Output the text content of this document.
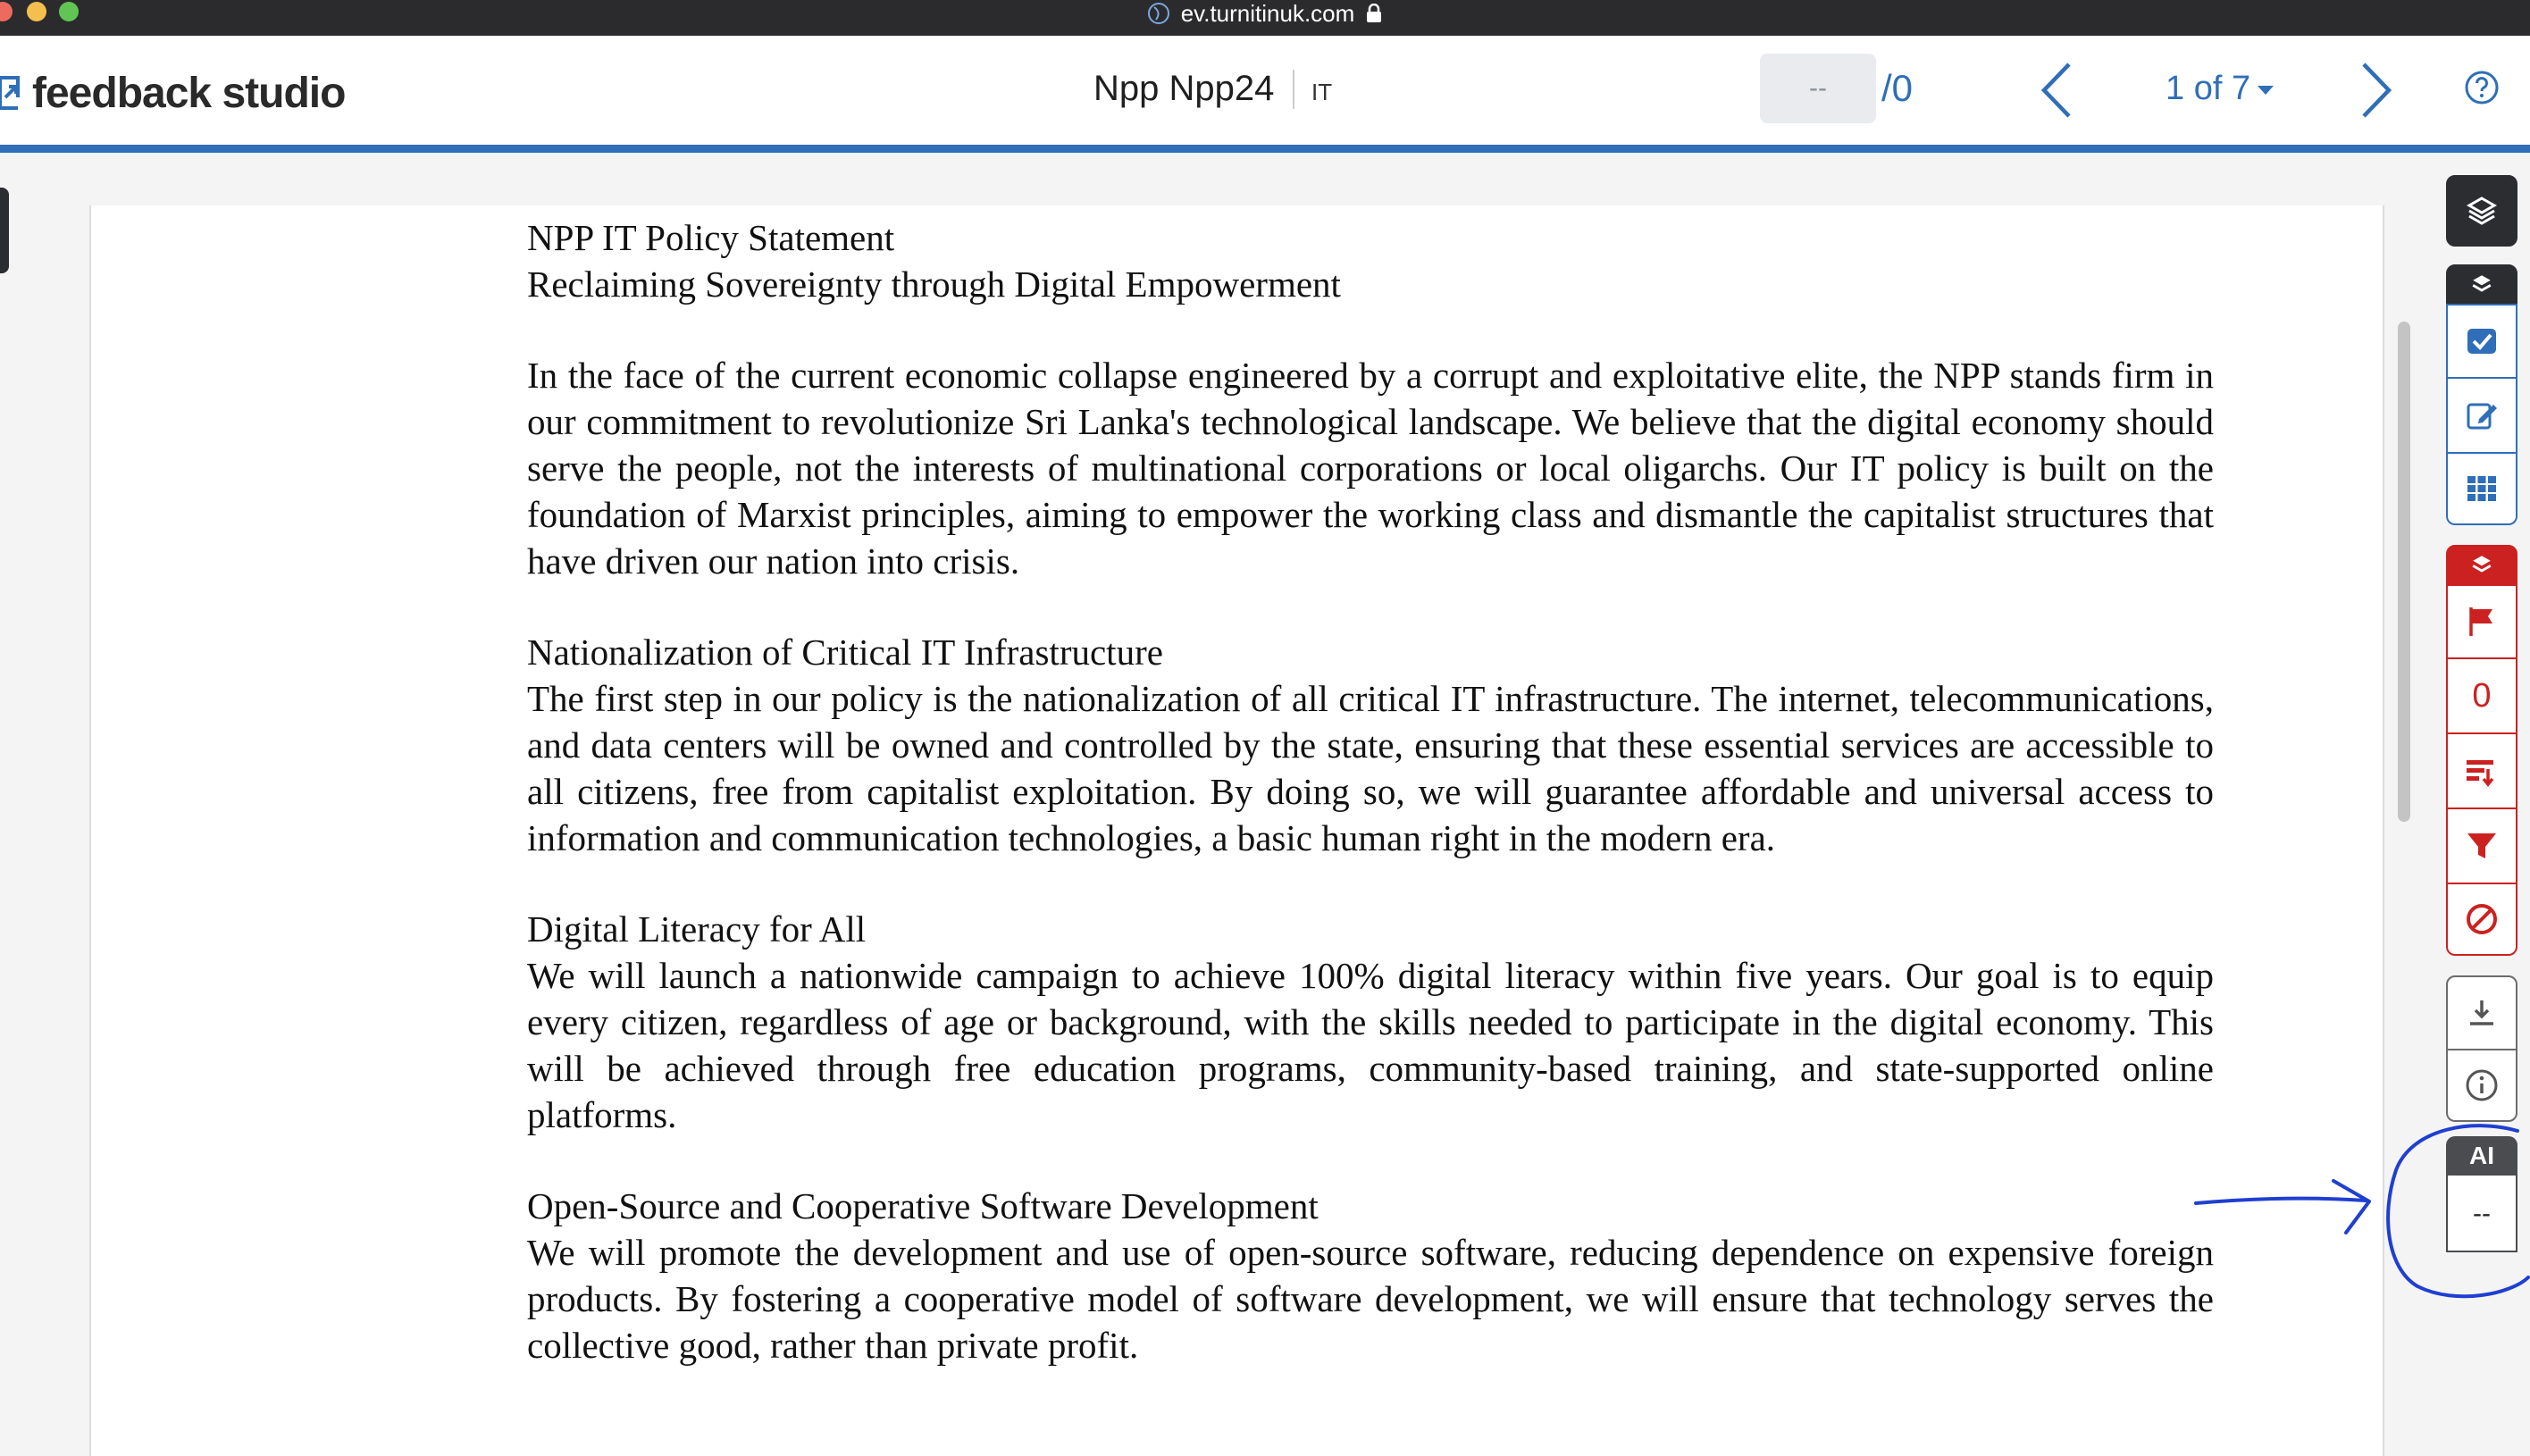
ev.turnitinuk.com
feedback studio	Npp Npp24 IT	--	/0	1 of 7

NPP IT Policy Statement

Reclaiming Sovereignty through Digital Empowerment

In the face of the current economic collapse engineered by a corrupt and exploitative elite, the NPP stands firm in our commitment to revolutionize Sri Lanka's technological landscape. We believe that the digital economy should serve the people, not the interests of multinational corporations or local oligarchs. Our IT policy is built on the foundation of Marxist principles, aiming to empower the working class and dismantle the capitalist structures that have driven our nation into crisis.

Nationalization of Critical IT Infrastructure

The first step in our policy is the nationalization of all critical IT infrastructure. The internet, telecommunications, and data centers will be owned and controlled by the state, ensuring that these essential services are accessible to all citizens, free from capitalist exploitation. By doing so, we will guarantee affordable and universal access to information and communication technologies, a basic human right in the modern era.

Digital Literacy for All

We will launch a nationwide campaign to achieve 100% digital literacy within five years. Our goal is to equip every citizen, regardless of age or background, with the skills needed to participate in the digital economy. This will be achieved through free education programs, community-based training, and state-supported online platforms.

Open-Source and Cooperative Software Development

We will promote the development and use of open-source software, reducing dependence on expensive foreign products. By fostering a cooperative model of software development, we will ensure that technology serves the collective good, rather than private profit.

0
AI
--
